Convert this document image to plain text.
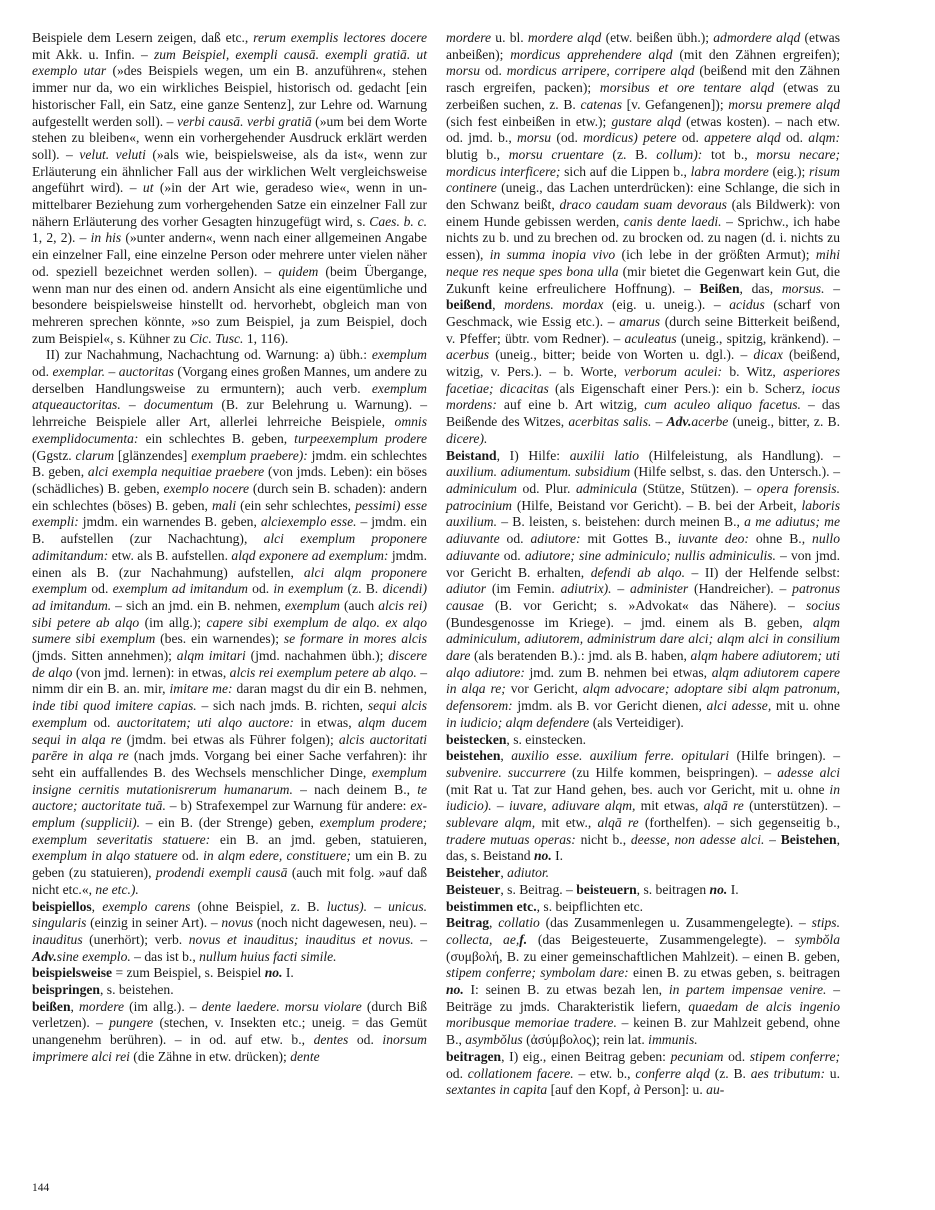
Beispiele dem Lesern zeigen, daß etc., rerum exemplis lectores docere mit Akk. u. Infin. – zum Beispiel, exempli causā. exempli gratiā. ut exemplo utar (»des Beispiels wegen, um ein B. anzuführen«, stehen immer nur da, wo ein wirkliches Beispiel, historisch od. gedacht [ein historischer Fall, ein Satz, eine ganze Sentenz], zur Lehre od. Warnung aufgestellt werden soll). – verbi causā. verbi gratiā (»um bei dem Worte stehen zu bleiben«, wenn ein vorhergehender Ausdruck erklärt werden soll). – velut. veluti (»als wie, beispielsweise, als da ist«, wenn zur Erläuterung ein ähnlicher Fall aus der wirklichen Welt vergleichsweise angeführt wird). – ut (»in der Art wie, geradeso wie«, wenn in unmittelbarer Beziehung zum vorhergehenden Satze ein einzelner Fall zur nähern Erläuterung des vorher Gesagten hinzugefügt wird, s. Caes. b. c. 1, 2, 2). – in his (»unter andern«, wenn nach einer allgemeinen Angabe ein einzelner Fall, eine einzelne Person oder mehrere unter vielen näher od. speziell bezeichnet werden sollen). – quidem (beim Übergange, wenn man nur des einen od. andern Ansicht als eine eigentümliche und besondere beispielsweise hinstellt od. hervorhebt, obgleich man von mehreren sprechen könnte, »so zum Beispiel, ja zum Beispiel, doch zum Beispiel«, s. Kühner zu Cic. Tusc. 1, 116).

II) zur Nachahmung, Nachachtung od. Warnung: a) übh.: exemplum od. exemplar. – auctoritas (Vorgang eines großen Mannes, um andere zu derselben Handlungsweise zu ermuntern); auch verb. exemplum atqueauctoritas. – documentum (B. zur Belehrung u. Warnung). – lehrreiche Beispiele aller Art, allerlei lehrreiche Beispiele, omnis exemplidocumenta: ein schlechtes B. geben, turpeexemplum prodere (Ggstz. clarum [glänzendes] exemplum praebere): jmdm. ein schlechtes B. geben, alci exempla nequitiae praebere (von jmds. Leben): ein böses (schädliches) B. geben, exemplo nocere (durch sein B. schaden): andern ein schlechtes (böses) B. geben, mali (ein sehr schlechtes, pessimi) esse exempli: jmdm. ein warnendes B. geben, alciexemplo esse. – jmdm. ein B. aufstellen (zur Nachachtung), alci exemplum proponere adimitandum: etw. als B. aufstellen. alqd exponere ad exemplum: jmdm. einen als B. (zur Nachahmung) aufstellen, alci alqm proponere exemplum od. exemplum ad imitandum od. in exemplum (z. B. dicendi) ad imitandum. – sich an jmd. ein B. nehmen, exemplum (auch alcis rei) sibi petere ab alqo (im allg.); capere sibi exemplum de alqo. ex alqo sumere sibi exemplum (bes. ein warnendes); se formare in mores alcis (jmds. Sitten annehmen); alqm imitari (jmd. nachahmen übh.); discere de alqo (von jmd. lernen): in etwas, alcis rei exemplum petere ab alqo. – nimm dir ein B. an. mir, imitare me: daran magst du dir ein B. nehmen, inde tibi quod imitere capias. – sich nach jmds. B. richten, sequi alcis exemplum od. auctoritatem; uti alqo auctore: in etwas, alqm ducem sequi in alqa re (jmdm. bei etwas als Führer folgen); alcis auctoritati parēre in alqa re (nach jmds. Vorgang bei einer Sache verfahren): ihr seht ein auffallendes B. des Wechsels menschlicher Dinge, exemplum insigne cernitis mutationisrerum humanarum. – nach deinem B., te auctore; auctoritate tuā. – b) Strafexempel zur Warnung für andere: exemplum (supplicii). – ein B. (der Strenge) geben, exemplum prodere; exemplum severitatis statuere: ein B. an jmd. geben, statuieren, exemplum in alqo statuere od. in alqm edere, constituere; um ein B. zu geben (zu statuieren), prodendi exempli causā (auch mit folg. »auf daß nicht etc.«, ne etc.).

beispiellos, exemplo carens (ohne Beispiel, z. B. luctus). – unicus. singularis (einzig in seiner Art). – novus (noch nicht dagewesen, neu). – inauditus (unerhört); verb. novus et inauditus; inauditus et novus. – Adv.sine exemplo. – das ist b., nullum huius facti simile.

beispielsweise = zum Beispiel, s. Beispiel no. I.

beispringen, s. beistehen.

beißen, mordere (im allg.). – dente laedere. morsu violare (durch Biß verletzen). – pungere (stechen, v. Insekten etc.; uneig. = das Gemüt unangenehm berühren). – in od. auf etw. b., dentes od. inorsum imprimere alci rei (die Zähne in etw. drücken); dente

mordere u. bl. mordere alqd (etw. beißen übh.); admordere alqd (etwas anbeißen); mordicus apprehendere alqd (mit den Zähnen ergreifen); morsu od. mordicus arripere, corripere alqd (beißend mit den Zähnen rasch ergreifen, packen); morsibus et ore tentare alqd (etwas zu zerbeißen suchen, z. B. catenas [v. Gefangenen]); morsu premere alqd (sich fest einbeißen in etw.); gustare alqd (etwas kosten). – nach etw. od. jmd. b., morsu (od. mordicus) petere od. appetere alqd od. alqm: blutig b., morsu cruentare (z. B. collum): tot b., morsu necare; mordicus interficere; sich auf die Lippen b., labra mordere (eig.); risum continere (uneig., das Lachen unterdrücken): eine Schlange, die sich in den Schwanz beißt, draco caudam suam devoraus (als Bildwerk): von einem Hunde gebissen werden, canis dente laedi. – Sprichw., ich habe nichts zu b. und zu brechen od. zu brocken od. zu nagen (d. i. nichts zu essen), in summa inopia vivo (ich lebe in der größten Armut); mihi neque res neque spes bona ulla (mir bietet die Gegenwart kein Gut, die Zukunft keine erfreulichere Hoffnung). – Beißen, das, morsus. – beißend, mordens. mordax (eig. u. uneig.). – acidus (scharf von Geschmack, wie Essig etc.). – amarus (durch seine Bitterkeit beißend, v. Pfeffer; übtr. vom Redner). – aculeatus (uneig., spitzig, kränkend). – acerbus (uneig., bitter; beide von Worten u. dgl.). – dicax (beißend, witzig, v. Pers.). – b. Worte, verborum aculei: b. Witz, asperiores facetiae; dicacitas (als Eigenschaft einer Pers.): ein b. Scherz, iocus mordens: auf eine b. Art witzig, cum aculeo aliquo facetus. – das Beißende des Witzes, acerbitas salis. – Adv.acerbe (uneig., bitter, z. B. dicere).

Beistand, I) Hilfe: auxilii latio (Hilfeleistung, als Handlung). – auxilium. adiumentum. subsidium (Hilfe selbst, s. das. den Untersch.). – adminiculum od. Plur. adminicula (Stütze, Stützen). – opera forensis. patrocinium (Hilfe, Beistand vor Gericht). – B. bei der Arbeit, laboris auxilium. – B. leisten, s. beistehen: durch meinen B., a me adiutus; me adiuvante od. adiutore: mit Gottes B., iuvante deo: ohne B., nullo adiuvante od. adiutore; sine adminiculo; nullis adminiculis. – von jmd. vor Gericht B. erhalten, defendi ab alqo. – II) der Helfende selbst: adiutor (im Femin. adiutrix). – administer (Handreicher). – patronus causae (B. vor Gericht; s. »Advokat« das Nähere). – socius (Bundesgenosse im Kriege). – jmd. einem als B. geben, alqm adminiculum, adiutorem, administrum dare alci; alqm alci in consilium dare (als beratenden B.).: jmd. als B. haben, alqm habere adiutorem; uti alqo adiutore: jmd. zum B. nehmen bei etwas, alqm adiutorem capere in alqa re; vor Gericht, alqm advocare; adoptare sibi alqm patronum, defensorem: jmdm. als B. vor Gericht dienen, alci adesse, mit u. ohne in iudicio; alqm defendere (als Verteidiger).

beistecken, s. einstecken.

beistehen, auxilio esse. auxilium ferre. opitulari (Hilfe bringen). – subvenire. succurrere (zu Hilfe kommen, beispringen). – adesse alci (mit Rat u. Tat zur Hand gehen, bes. auch vor Gericht, mit u. ohne in iudicio). – iuvare, adiuvare alqm, mit etwas, alqā re (unterstützen). – sublevare alqm, mit etw., alqā re (forthelfen). – sich gegenseitig b., tradere mutuas operas: nicht b., deesse, non adesse alci. – Beistehen, das, s. Beistand no. I.

Beisteher, adiutor.

Beisteuer, s. Beitrag. – beisteuern, s. beitragen no. I.

beistimmen etc., s. beipflichten etc.

Beitrag, collatio (das Zusammenlegen u. Zusammengelegte). – stips. collecta, ae,f. (das Beigesteuerte, Zusammengelegte). – symbŏla (συμβολή, B. zu einer gemeinschaftlichen Mahlzeit). – einen B. geben, stipem conferre; symbolam dare: einen B. zu etwas geben, s. beitragen no. I: seinen B. zu etwas bezah len, in partem impensae venire. – Beiträge zu jmds. Charakteristik liefern, quaedam de alcis ingenio moribusque memoriae tradere. – keinen B. zur Mahlzeit gebend, ohne B., asymbŏlus (ἀσύμβολος); rein lat. immunis.

beitragen, I) eig., einen Beitrag geben: pecuniam od. stipem conferre; od. collationem facere. – etw. b., conferre alqd (z. B. aes tributum: u. sextantes in capita [auf den Kopf, à Person]: u. au-

144
